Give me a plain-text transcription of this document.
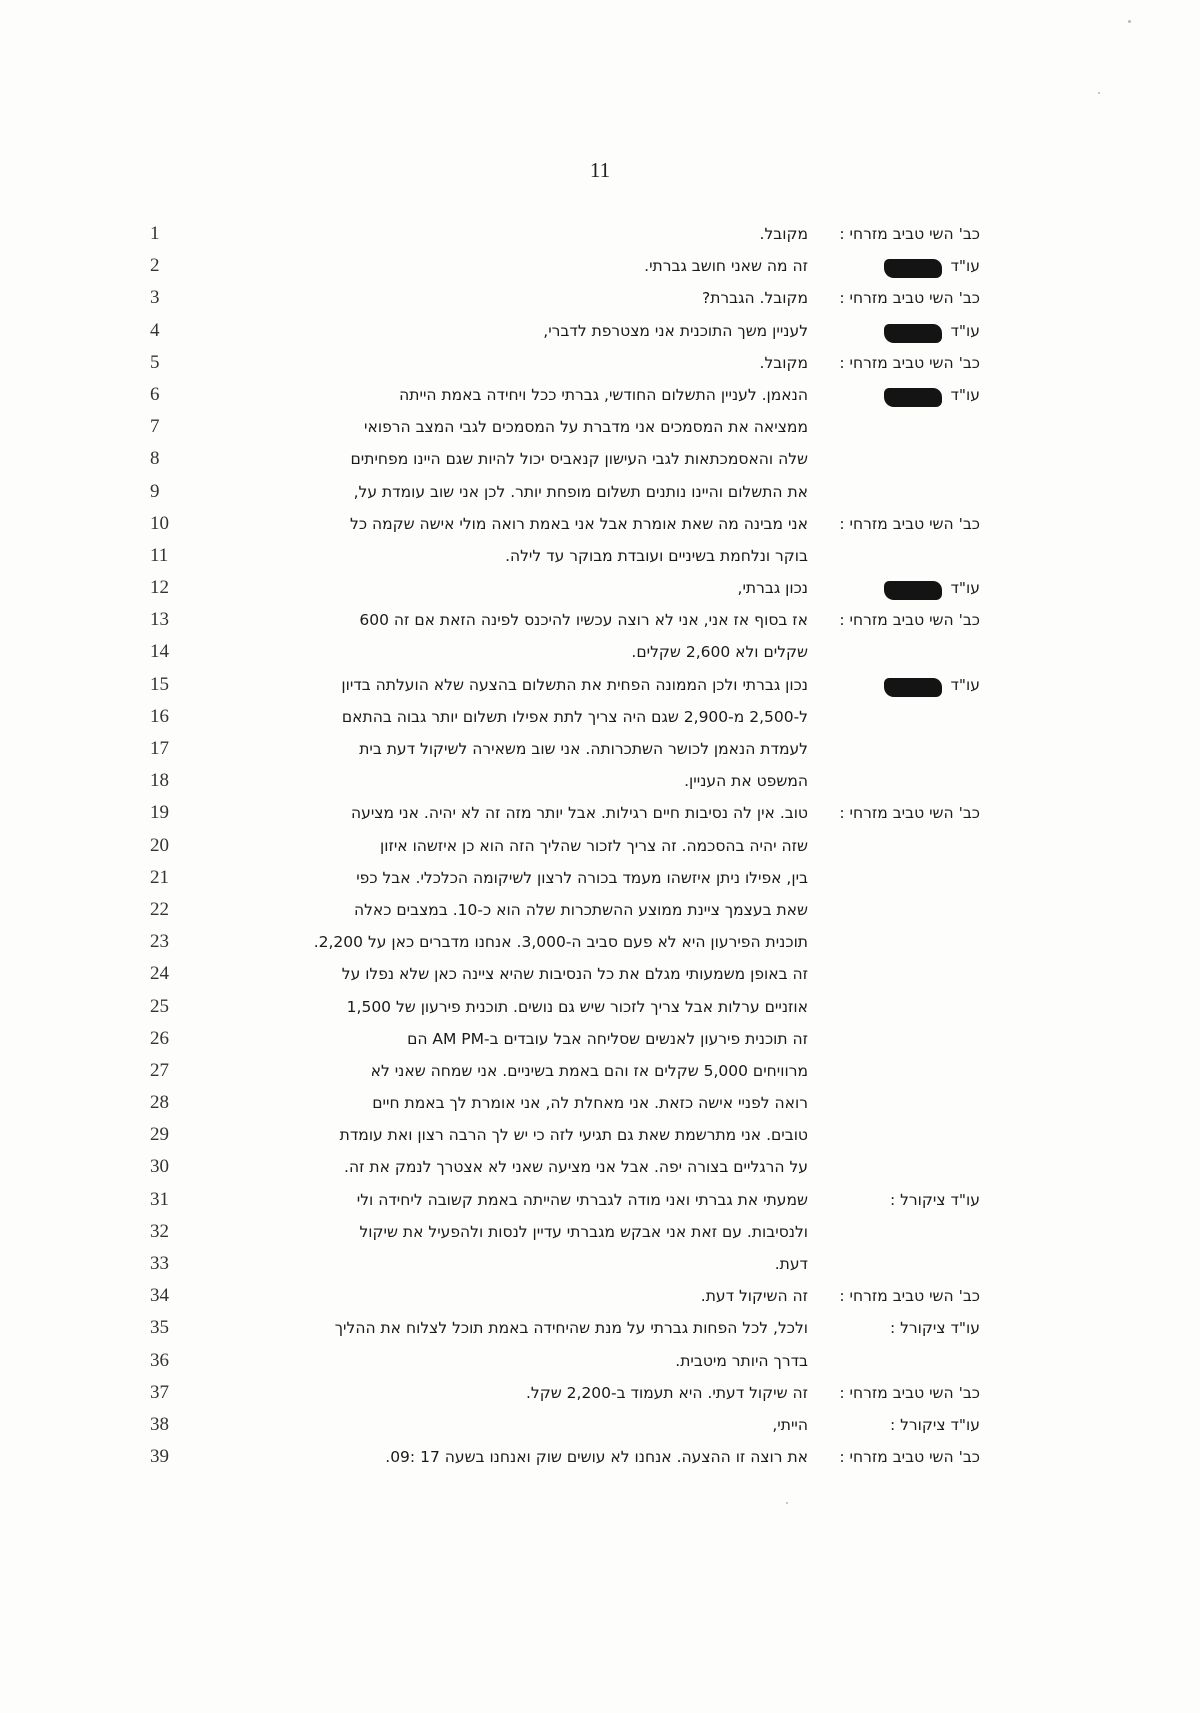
11
1	כב' השי טביב מזרחי :
מקובל.
2	עו"ד
זה מה שאני חושב גברתי.
3	כב' השי טביב מזרחי :
מקובל. הגברת?
4	עו"ד
לעניין משך התוכנית אני מצטרפת לדברי,
5	כב' השי טביב מזרחי :
מקובל.
6	עו"ד
הנאמן. לעניין התשלום החודשי, גברתי ככל ויחידה באמת הייתה
7	ממציאה את המסמכים אני מדברת על המסמכים לגבי המצב הרפואי
8	שלה והאסמכתאות לגבי העישון קנאביס יכול להיות שגם היינו מפחיתים
9	את התשלום והיינו נותנים תשלום מופחת יותר. לכן אני שוב עומדת על,
10	כב' השי טביב מזרחי :
אני מבינה מה שאת אומרת אבל אני באמת רואה מולי אישה שקמה כל
11	בוקר ונלחמת בשיניים ועובדת מבוקר עד לילה.
12	עו"ד
נכון גברתי,
13	כב' השי טביב מזרחי :
אז בסוף אז אני, אני לא רוצה עכשיו להיכנס לפינה הזאת אם זה 600
14	שקלים ולא 2,600 שקלים.
15	עו"ד
נכון גברתי ולכן הממונה הפחית את התשלום בהצעה שלא הועלתה בדיון
16	ל-2,500 מ-2,900 שגם היה צריך לתת אפילו תשלום יותר גבוה בהתאם
17	לעמדת הנאמן לכושר השתכרותה. אני שוב משאירה לשיקול דעת בית
18	המשפט את העניין.
19	כב' השי טביב מזרחי :
טוב. אין לה נסיבות חיים רגילות. אבל יותר מזה זה לא יהיה. אני מציעה
20	שזה יהיה בהסכמה. זה צריך לזכור שהליך הזה הוא כן איזשהו איזון
21	בין, אפילו ניתן איזשהו מעמד בכורה לרצון לשיקומה הכלכלי. אבל כפי
22	שאת בעצמך ציינת ממוצע ההשתכרות שלה הוא כ-10. במצבים כאלה
23	תוכנית הפירעון היא לא פעם סביב ה-3,000. אנחנו מדברים כאן על 2,200.
24	זה באופן משמעותי מגלם את כל הנסיבות שהיא ציינה כאן שלא נפלו על
25	אוזניים ערלות אבל צריך לזכור שיש גם נושים. תוכנית פירעון של 1,500
26	זה תוכנית פירעון לאנשים שסליחה אבל עובדים ב-AM PM הם
27	מרוויחים 5,000 שקלים אז והם באמת בשיניים. אני שמחה שאני לא
28	רואה לפניי אישה כזאת. אני מאחלת לה, אני אומרת לך באמת חיים
29	טובים. אני מתרשמת שאת גם תגיעי לזה כי יש לך הרבה רצון ואת עומדת
30	על הרגליים בצורה יפה. אבל אני מציעה שאני לא אצטרך לנמק את זה.
31	עו"ד ציקורל :
שמעתי את גברתי ואני מודה לגברתי שהייתה באמת קשובה ליחידה ולי
32	ולנסיבות. עם זאת אני אבקש מגברתי עדיין לנסות ולהפעיל את שיקול
33	דעת.
34	כב' השי טביב מזרחי :
זה השיקול דעת.
35	עו"ד ציקורל :
ולכל, לכל הפחות גברתי על מנת שהיחידה באמת תוכל לצלוח את ההליך
36	בדרך היותר מיטבית.
37	כב' השי טביב מזרחי :
זה שיקול דעתי. היא תעמוד ב-2,200 שקל.
38	עו"ד ציקורל :
הייתי,
39	כב' השי טביב מזרחי :
את רוצה זו ההצעה. אנחנו לא עושים שוק ואנחנו בשעה 17 :09.
